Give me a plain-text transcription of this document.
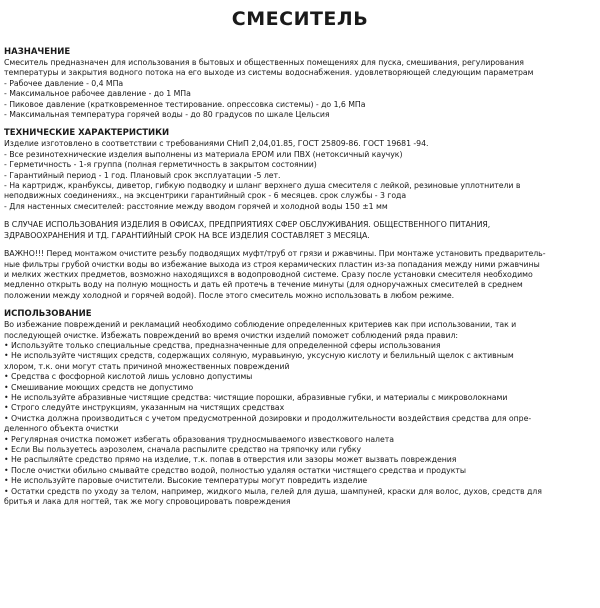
СМЕСИТЕЛЬ
НАЗНАЧЕНИЕ
Смеситель предназначен для использования в бытовых и общественных помещениях для пуска, смешивания, регулирования
температуры и закрытия водного потока на его выходе из системы водоснабжения. удовлетворяющей следующим параметрам
- Рабочее давление - 0,4 МПа
- Максимальное рабочее давление - до 1 МПа
- Пиковое давление (кратковременное тестирование. опрессовка системы) - до 1,6 МПа
- Максимальная температура горячей воды - до 80 градусов по шкале Цельсия
ТЕХНИЧЕСКИЕ ХАРАКТЕРИСТИКИ
Изделие изготовлено в соответствии с требованиями СНиП 2,04,01.85, ГОСТ 25809-86. ГОСТ 19681 -94.
- Все резинотехнические изделия выполнены из материала EPOM или ПВХ (нетоксичный каучук)
- Герметичность - 1-я группа (полная герметичность в закрытом состоянии)
- Гарантийный период - 1 год. Плановый срок эксплуатации -5 лет.
- На картридж, кранбуксы, диветор, гибкую подводку и шланг верхнего душа смесителя с лейкой, резиновые уплотнители в
неподвижных соединениях., на эксцентрики гарантийный срок - 6 месяцев. срок службы - 3 года
- Для настенных смесителей: расстояние между вводом горячей и холодной воды 150 ±1 мм
В СЛУЧАЕ ИСПОЛЬЗОВАНИЯ ИЗДЕЛИЯ В ОФИСАХ, ПРЕДПРИЯТИЯХ СФЕР ОБСЛУЖИВАНИЯ. ОБЩЕСТВЕННОГО ПИТАНИЯ,
ЗДРАВООХРАНЕНИЯ И ТД. ГАРАНТИЙНЫЙ СРОК НА ВСЕ ИЗДЕЛИЯ СОСТАВЛЯЕТ 3 МЕСЯЦА.
ВАЖНО!!! Перед монтажом очистите резьбу подводящих муфт/труб от грязи и ржавчины. При монтаже установить предваритель-
ные фильтры грубой очистки воды во избежание выхода из строя керамических пластин из-за попадания между ними ржавчины
и мелких жестких предметов, возможно находящихся в водопроводной системе. Сразу после установки смесителя необходимо
медленно открыть воду на полную мощность и дать ей протечь в течение минуты (для одноручажных смесителей в среднем
положении между холодной и горячей водой). После этого смеситель можно использовать в любом режиме.
ИСПОЛЬЗОВАНИЕ
Во избежание повреждений и рекламаций необходимо соблюдение определенных критериев как при использовании, так и
последующей очистке. Избежать повреждений во время очистки изделий поможет соблюдений ряда правил:
• Используйте только специальные средства, предназначенные для определенной сферы использования
• Не используйте чистящих средств, содержащих соляную, муравьиную, уксусную кислоту и белильный щелок с активным
хлором, т.к. они могут стать причиной множественных повреждений
• Средства с фосфорной кислотой лишь условно допустимы
• Смешивание моющих средств не допустимо
• Не используйте абразивные чистящие средства: чистящие порошки, абразивные губки, и материалы с микроволокнами
• Строго следуйте инструкциям, указанным на чистящих средствах
• Очистка должна производиться с учетом предусмотренной дозировки и продолжительности воздействия средства для опре-
деленного объекта очистки
• Регулярная очистка поможет избегать образования труднoсмываемого известкового налета
• Если Вы пользуетесь аэрозолем, сначала распылите средство на тряпочку или губку
• Не распыляйте средство прямо на изделие, т.к. попав в отверстия или зазоры может вызвать повреждения
• После очистки обильно смывайте средство водой, полностью удаляя остатки чистящего средства и продукты
• Не используйте паровые очистители. Высокие температуры могут повредить изделие
• Остатки средств по уходу за телом, например, жидкого мыла, гелей для душа, шампуней, краски для волос, духов, средств для
бритья и лака для ногтей, так же могу спровоцировать повреждения
